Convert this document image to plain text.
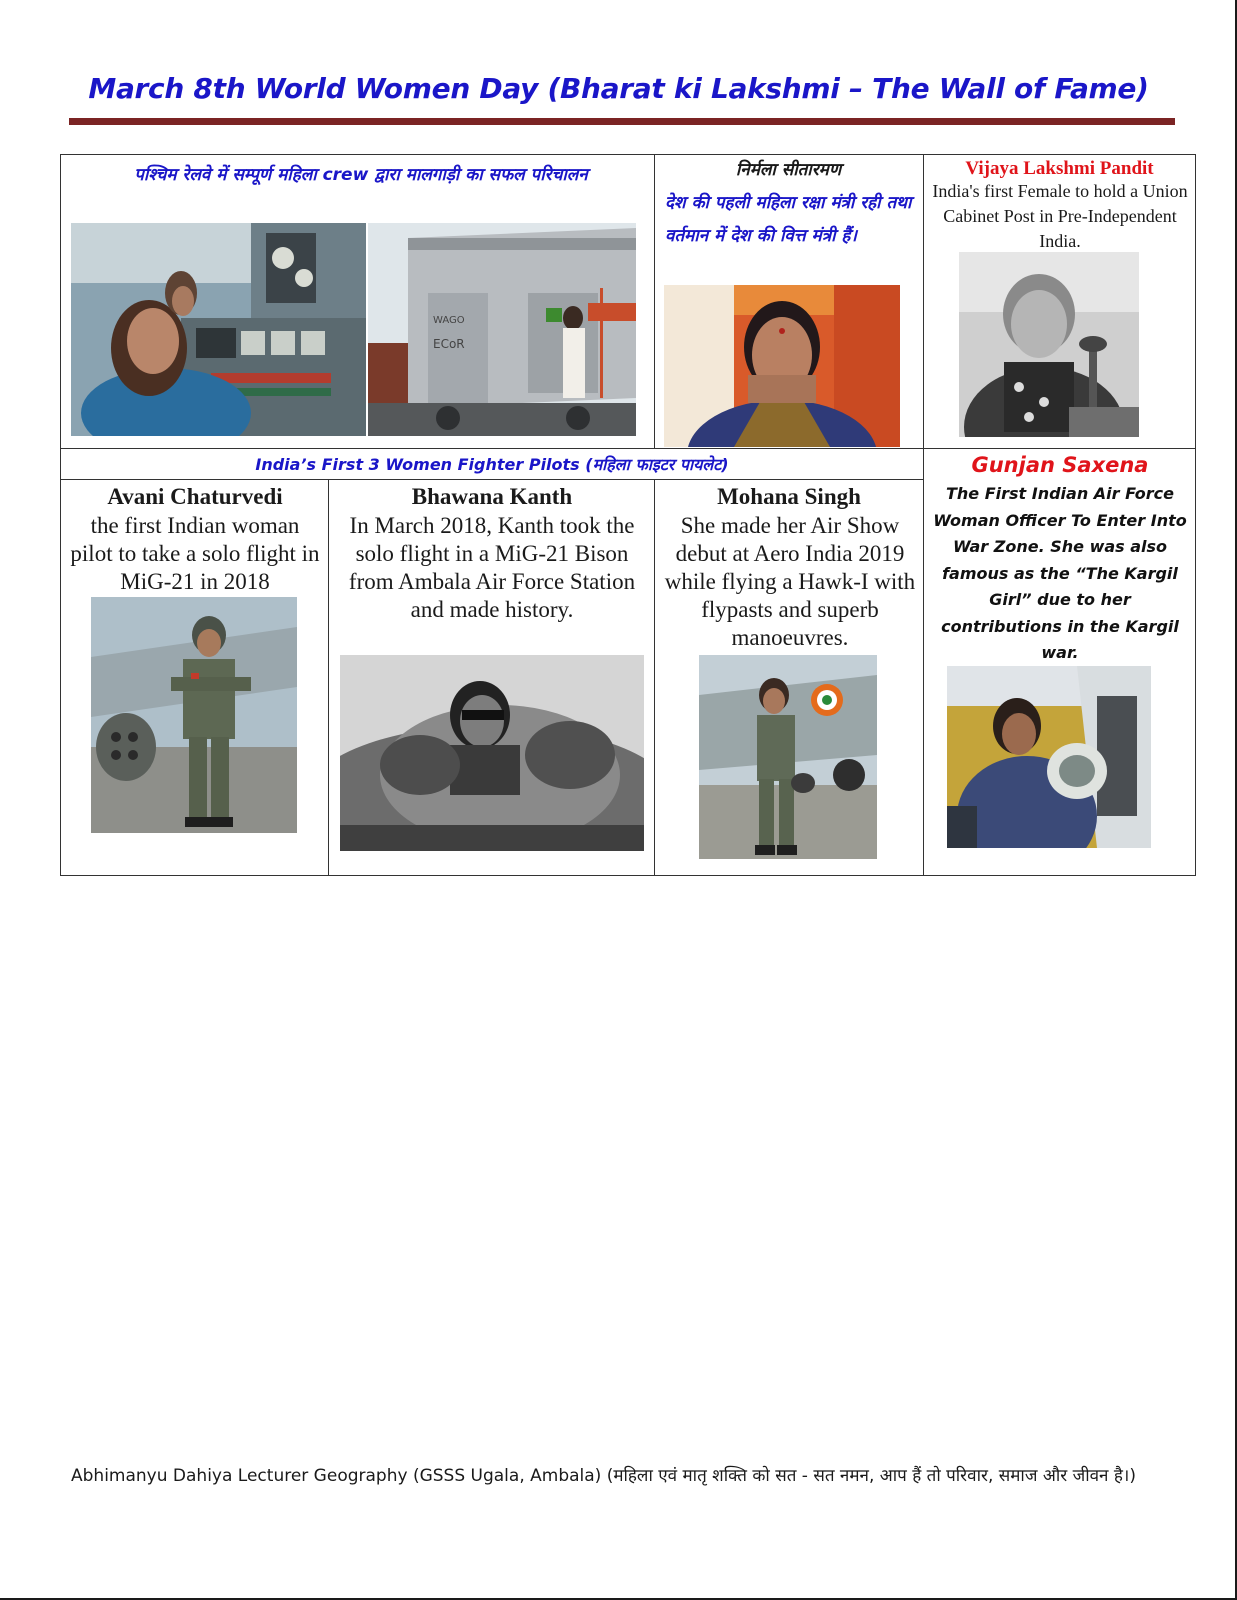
March 8th World Women Day (Bharat ki Lakshmi – The Wall of Fame)
पश्चिम रेलवे में सम्पूर्ण महिला crew द्वारा मालगाड़ी का सफल परिचालन
WAGO
ECoR
निर्मला सीतारमण
देश की पहली महिला रक्षा मंत्री रही तथा वर्तमान में देश की वित्त मंत्री हैं।
Vijaya Lakshmi Pandit
India's first Female to hold a Union Cabinet Post in Pre-Independent India.
India’s First 3 Women Fighter Pilots (महिला फाइटर पायलेट)
Avani Chaturvedi
the first Indian woman pilot to take a solo flight in MiG-21 in 2018
Bhawana Kanth
In March 2018, Kanth took the solo flight in a MiG-21 Bison from Ambala Air Force Station and made history.
Mohana Singh
She made her Air Show debut at Aero India 2019 while flying a Hawk-I with flypasts and superb manoeuvres.
Gunjan Saxena
The First Indian Air Force Woman Officer To Enter Into War Zone. She was also famous as the “The Kargil Girl” due to her contributions in the Kargil war.
Abhimanyu Dahiya Lecturer Geography (GSSS Ugala, Ambala) (महिला एवं मातृ शक्ति को सत - सत नमन, आप हैं तो परिवार, समाज और जीवन है।)
